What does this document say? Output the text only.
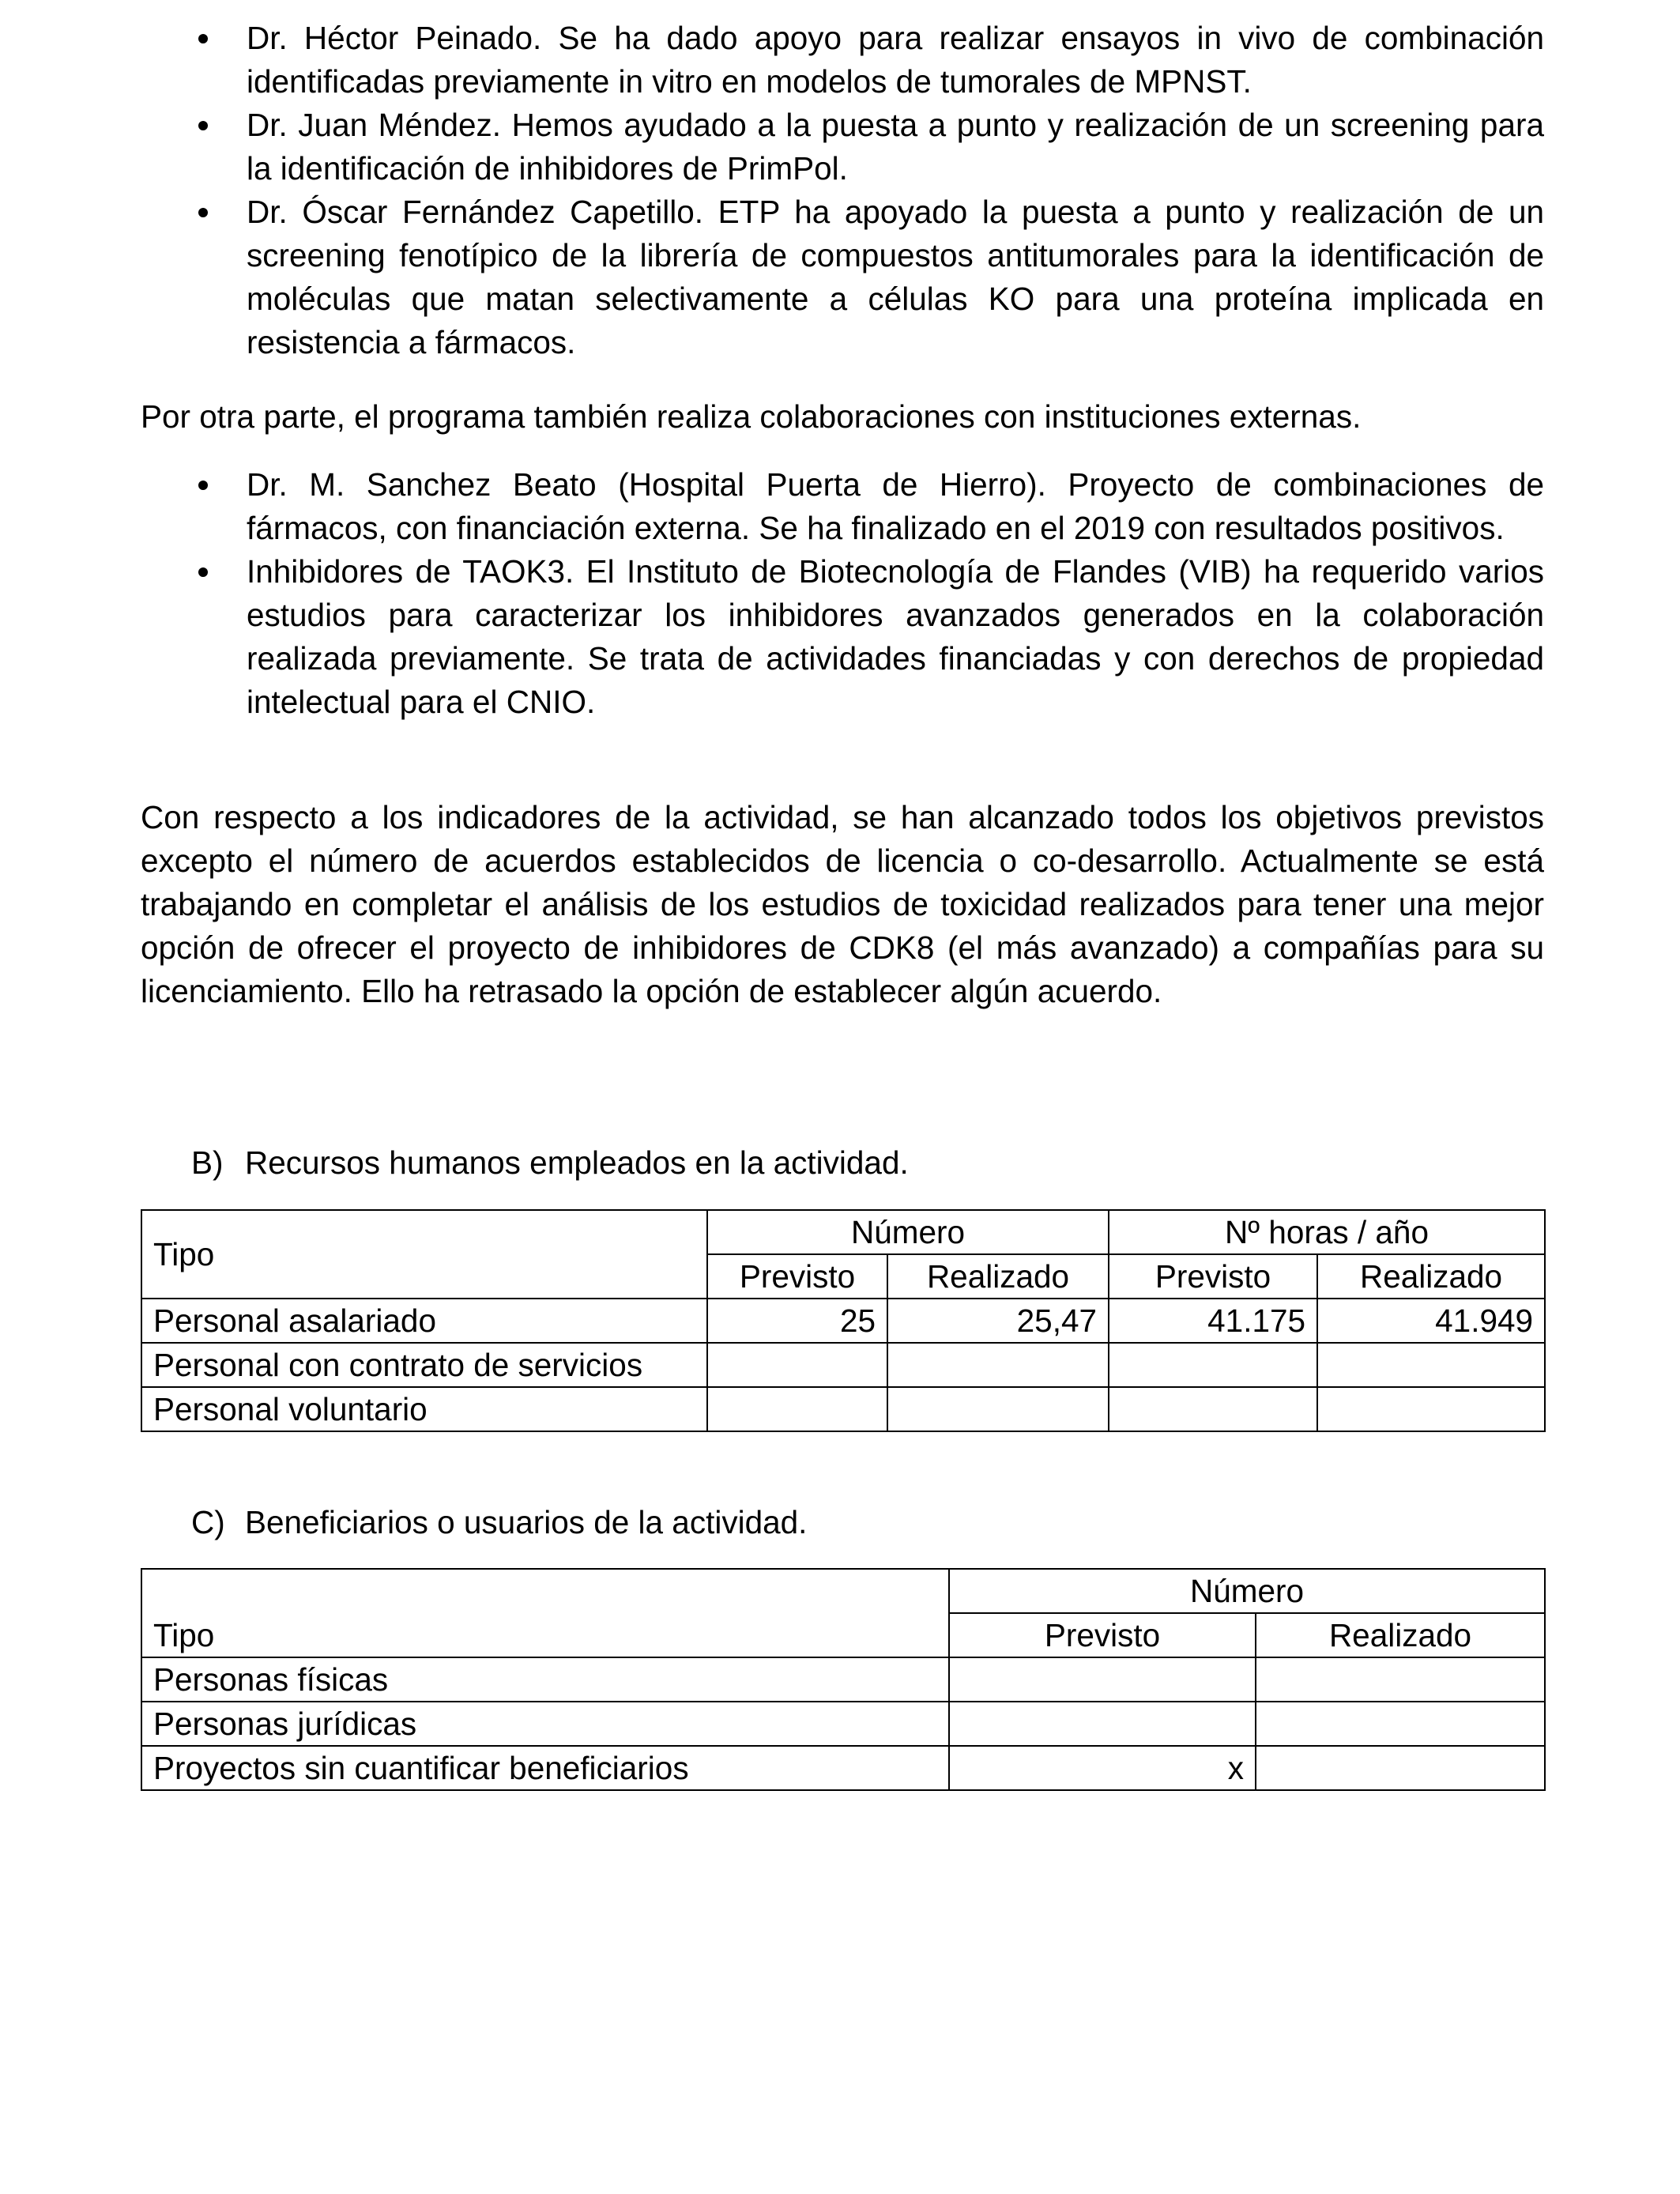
Dr. Héctor Peinado. Se ha dado apoyo para realizar ensayos in vivo de combinación identificadas previamente in vitro en modelos de tumorales de MPNST.
Dr. Juan Méndez. Hemos ayudado a la puesta a punto y realización de un screening para la identificación de inhibidores de PrimPol.
Dr. Óscar Fernández Capetillo. ETP ha apoyado la puesta a punto y realización de un screening fenotípico de la librería de compuestos antitumorales para la identificación de moléculas que matan selectivamente a células KO para una proteína implicada en resistencia a fármacos.

Por otra parte, el programa también realiza colaboraciones con instituciones externas.

Dr. M. Sanchez Beato (Hospital Puerta de Hierro). Proyecto de combinaciones de fármacos, con financiación externa. Se ha finalizado en el 2019 con resultados positivos.
Inhibidores de TAOK3. El Instituto de Biotecnología de Flandes (VIB) ha requerido varios estudios para caracterizar los inhibidores avanzados generados en la colaboración realizada previamente. Se trata de actividades financiadas y con derechos de propiedad intelectual para el CNIO.

Con respecto a los indicadores de la actividad, se han alcanzado todos los objetivos previstos excepto el número de acuerdos establecidos de licencia o co-desarrollo. Actualmente se está trabajando en completar el análisis de los estudios de toxicidad realizados para tener una mejor opción de ofrecer el proyecto de inhibidores de CDK8 (el más avanzado) a compañías para su licenciamiento. Ello ha retrasado la opción de establecer algún acuerdo.

B) Recursos humanos empleados en la actividad.

Tipo	Número		Nº horas / año	
	Previsto	Realizado	Previsto	Realizado
Personal asalariado	25	25,47	41.175	41.949
Personal con contrato de servicios				
Personal voluntario				

C) Beneficiarios o usuarios de la actividad.

Tipo	Número	
	Previsto	Realizado
Personas físicas		
Personas jurídicas		
Proyectos sin cuantificar beneficiarios	x	
